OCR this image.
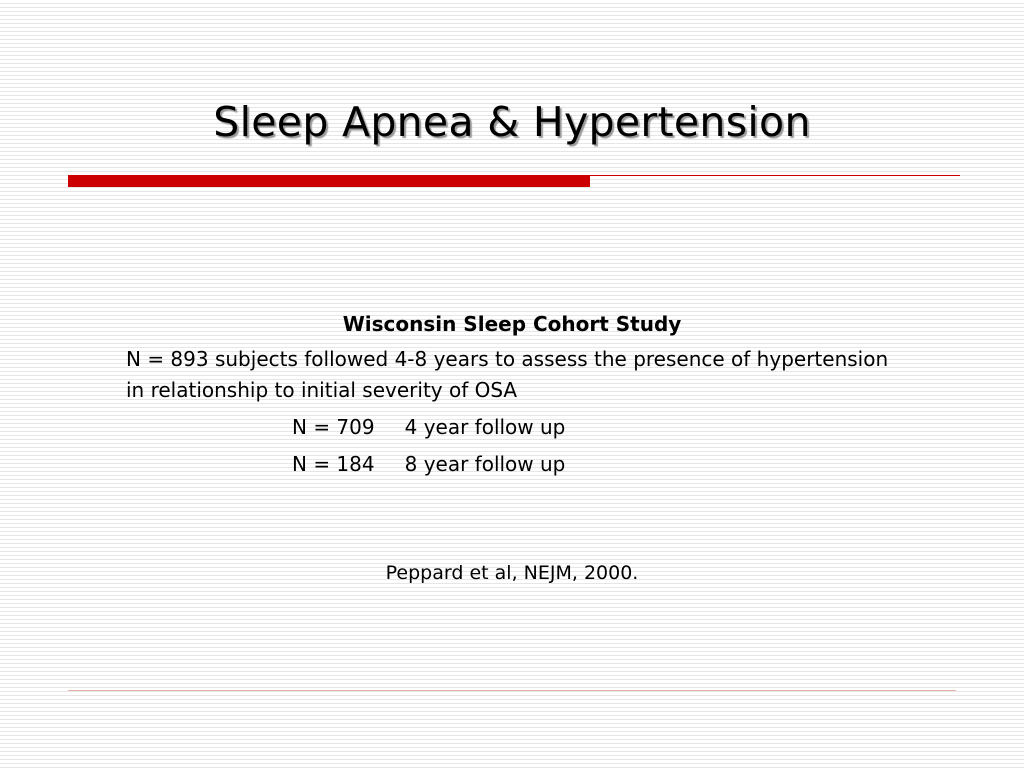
Sleep Apnea & Hypertension
Wisconsin Sleep Cohort Study
N = 893 subjects followed 4-8 years to assess the presence of hypertension in relationship to initial severity of OSA
N = 709 4 year follow up
N = 184 8 year follow up
Peppard et al, NEJM, 2000.
